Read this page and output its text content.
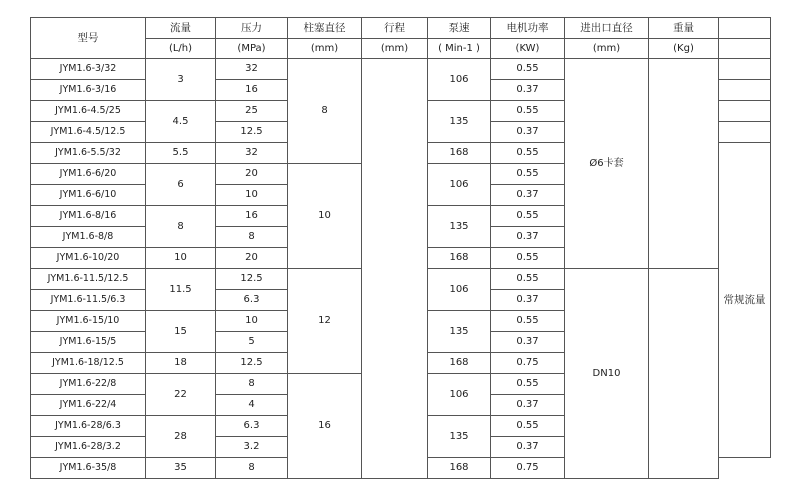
型号	流量	压力	柱塞直径	行程	泵速	电机功率	进出口直径	重量	
	(L/h)	(MPa)	(mm)	(mm)	( Min-1 )	(KW)	(mm)	(Kg)	
JYM1.6-3/32	3	32	8		106	0.55	Ø6卡套		
JYM1.6-3/16		16				0.37			
JYM1.6-4.5/25	4.5	25			135	0.55			
JYM1.6-4.5/12.5		12.5				0.37			
JYM1.6-5.5/32	5.5	32			168	0.55			常规流量
JYM1.6-6/20	6	20	10		106	0.55			
JYM1.6-6/10		10				0.37			
JYM1.6-8/16	8	16			135	0.55			
JYM1.6-8/8		8				0.37			
JYM1.6-10/20	10	20			168	0.55			
JYM1.6-11.5/12.5	11.5	12.5	12		106	0.55	DN10		
JYM1.6-11.5/6.3		6.3				0.37			
JYM1.6-15/10	15	10			135	0.55			
JYM1.6-15/5		5				0.37			
JYM1.6-18/12.5	18	12.5			168	0.75			
JYM1.6-22/8	22	8	16		106	0.55			
JYM1.6-22/4		4				0.37			
JYM1.6-28/6.3	28	6.3			135	0.55			
JYM1.6-28/3.2		3.2				0.37			
JYM1.6-35/8	35	8			168	0.75			
